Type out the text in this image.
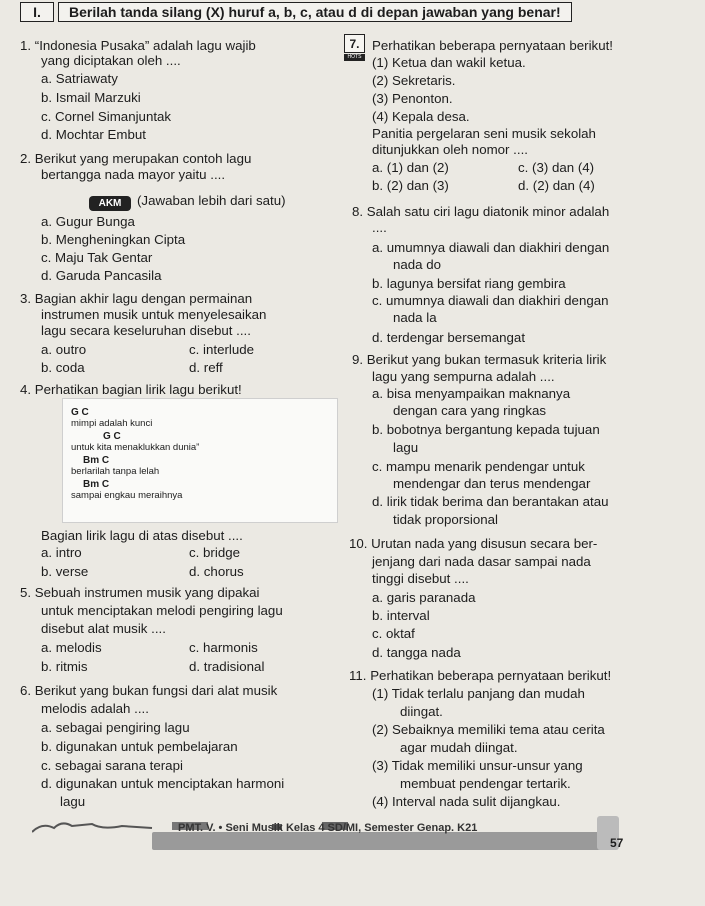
I.	Berilah tanda silang (X) huruf a, b, c, atau d di depan jawaban yang benar!
1. “Indonesia Pusaka” adalah lagu wajib
yang diciptakan oleh ....
a. Satriawaty
b. Ismail Marzuki
c. Cornel Simanjuntak
d. Mochtar Embut
2. Berikut yang merupakan contoh lagu
bertangga nada mayor yaitu ....
AKM	(Jawaban lebih dari satu)
a. Gugur Bunga
b. Mengheningkan Cipta
c. Maju Tak Gentar
d. Garuda Pancasila
3. Bagian akhir lagu dengan permainan
instrumen musik untuk menyelesaikan
lagu secara keseluruhan disebut ....
a. outro	c. interlude
b. coda	d. reff
4. Perhatikan bagian lirik lagu berikut!
G C
mimpi adalah kunci
G C
untuk kita menaklukkan dunia”
Bm C
berlarilah tanpa lelah
Bm C
sampai engkau meraihnya
Bagian lirik lagu di atas disebut ....
a. intro	c. bridge
b. verse	d. chorus
5. Sebuah instrumen musik yang dipakai
untuk menciptakan melodi pengiring lagu
disebut alat musik ....
a. melodis	c. harmonis
b. ritmis	d. tradisional
6. Berikut yang bukan fungsi dari alat musik
melodis adalah ....
a. sebagai pengiring lagu
b. digunakan untuk pembelajaran
c. sebagai sarana terapi
d. digunakan untuk menciptakan harmoni
lagu
7.
HOTS
Perhatikan beberapa pernyataan berikut!
(1) Ketua dan wakil ketua.
(2) Sekretaris.
(3) Penonton.
(4) Kepala desa.
Panitia pergelaran seni musik sekolah
ditunjukkan oleh nomor ....
a. (1) dan (2)	c. (3) dan (4)
b. (2) dan (3)	d. (2) dan (4)
8. Salah satu ciri lagu diatonik minor adalah
....
a. umumnya diawali dan diakhiri dengan
nada do
b. lagunya bersifat riang gembira
c. umumnya diawali dan diakhiri dengan
nada la
d. terdengar bersemangat
9. Berikut yang bukan termasuk kriteria lirik
lagu yang sempurna adalah ....
a. bisa menyampaikan maknanya
dengan cara yang ringkas
b. bobotnya bergantung kepada tujuan
lagu
c. mampu menarik pendengar untuk
mendengar dan terus mendengar
d. lirik tidak berima dan berantakan atau
tidak proporsional
10. Urutan nada yang disusun secara ber-
jenjang dari nada dasar sampai nada
tinggi disebut ....
a. garis paranada
b. interval
c. oktaf
d. tangga nada
11. Perhatikan beberapa pernyataan berikut!
(1) Tidak terlalu panjang dan mudah
diingat.
(2) Sebaiknya memiliki tema atau cerita
agar mudah diingat.
(3) Tidak memiliki unsur-unsur yang
membuat pendengar tertarik.
(4) Interval nada sulit dijangkau.
PMT. V. • Seni Musik Kelas 4 SD/MI, Semester Genap. K21
57
